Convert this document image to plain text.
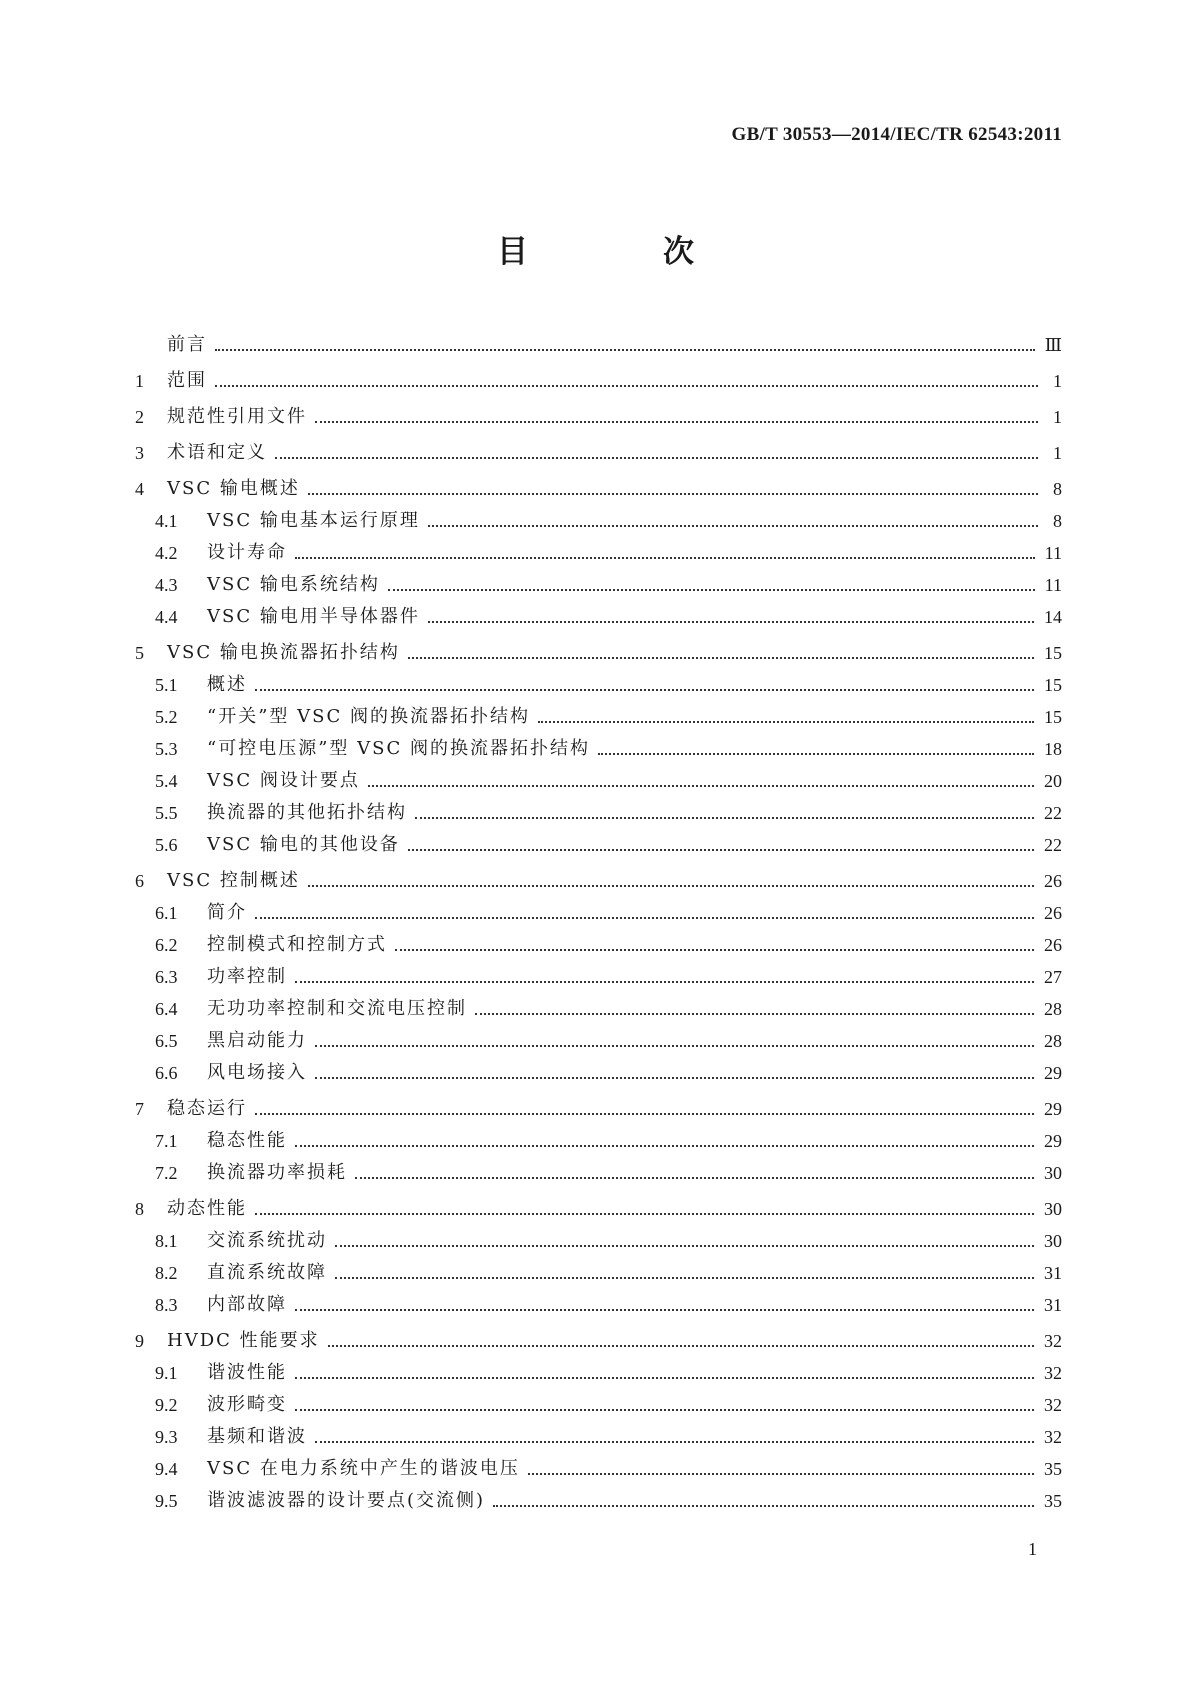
GB/T 30553—2014/IEC/TR 62543:2011
目　次
前言	Ⅲ
1	范围	1
2	规范性引用文件	1
3	术语和定义	1
4	VSC 输电概述	8
4.1	VSC 输电基本运行原理	8
4.2	设计寿命	11
4.3	VSC 输电系统结构	11
4.4	VSC 输电用半导体器件	14
5	VSC 输电换流器拓扑结构	15
5.1	概述	15
5.2	“开关”型 VSC 阀的换流器拓扑结构	15
5.3	“可控电压源”型 VSC 阀的换流器拓扑结构	18
5.4	VSC 阀设计要点	20
5.5	换流器的其他拓扑结构	22
5.6	VSC 输电的其他设备	22
6	VSC 控制概述	26
6.1	简介	26
6.2	控制模式和控制方式	26
6.3	功率控制	27
6.4	无功功率控制和交流电压控制	28
6.5	黑启动能力	28
6.6	风电场接入	29
7	稳态运行	29
7.1	稳态性能	29
7.2	换流器功率损耗	30
8	动态性能	30
8.1	交流系统扰动	30
8.2	直流系统故障	31
8.3	内部故障	31
9	HVDC 性能要求	32
9.1	谐波性能	32
9.2	波形畸变	32
9.3	基频和谐波	32
9.4	VSC 在电力系统中产生的谐波电压	35
9.5	谐波滤波器的设计要点(交流侧)	35
1
